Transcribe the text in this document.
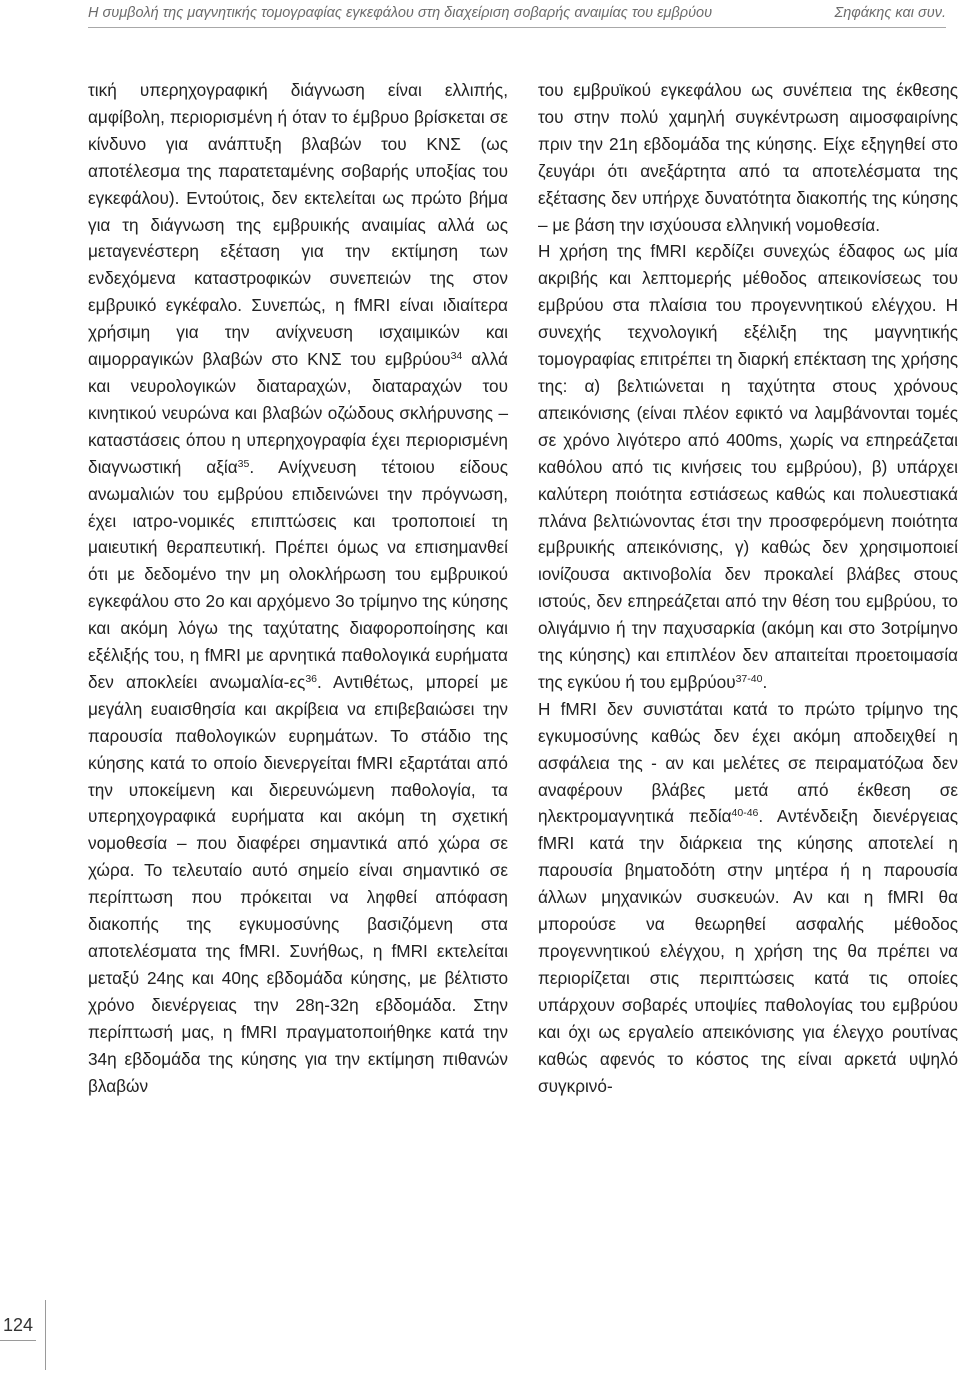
Η συμβολή της μαγνητικής τομογραφίας εγκεφάλου στη διαχείριση σοβαρής αναιμίας του εμβρύου	Σηφάκης και συν.

τική υπερηχογραφική διάγνωση είναι ελλιπής, αμφίβολη, περιορισμένη ή όταν το έμβρυο βρίσκεται σε κίνδυνο για ανάπτυξη βλαβών του ΚΝΣ (ως αποτέλεσμα της παρατεταμένης σοβαρής υποξίας του εγκεφάλου). Εντούτοις, δεν εκτελείται ως πρώτο βήμα για τη διάγνωση της εμβρυικής αναιμίας αλλά ως μεταγενέστερη εξέταση για την εκτίμηση των ενδεχόμενα καταστροφικών συνεπειών της στον εμβρυικό εγκέφαλο. Συνεπώς, η fMRI είναι ιδιαίτερα χρήσιμη για την ανίχνευση ισχαιμικών και αιμορραγικών βλαβών στο ΚΝΣ του εμβρύου$^{34}$ αλλά και νευρολογικών διαταραχών, διαταραχών του κινητικού νευρώνα και βλαβών οζώδους σκλήρυνσης – καταστάσεις όπου η υπερηχογραφία έχει περιορισμένη διαγνωστική αξία$^{35}$. Ανίχνευση τέτοιου είδους ανωμαλιών του εμβρύου επιδεινώνει την πρόγνωση, έχει ιατρο-νομικές επιπτώσεις και τροποποιεί τη μαιευτική θεραπευτική. Πρέπει όμως να επισημανθεί ότι με δεδομένο την μη ολοκλήρωση του εμβρυικού εγκεφάλου στο 2ο και αρχόμενο 3ο τρίμηνο της κύησης και ακόμη λόγω της ταχύτατης διαφοροποίησης και εξέλιξής του, η fMRI με αρνητικά παθολογικά ευρήματα δεν αποκλείει ανωμαλία-$\varepsilon\varsigma^{36}$. Αντιθέτως, μπορεί με μεγάλη ευαισθησία και ακρίβεια να επιβεβαιώσει την παρουσία παθολογικών ευρημάτων. Το στάδιο της κύησης κατά το οποίο διενεργείται fMRI εξαρτάται από την υποκείμενη και διερευνώμενη παθολογία, τα υπερηχογραφικά ευρήματα και ακόμη τη σχετική νομοθεσία – που διαφέρει σημαντικά από χώρα σε χώρα. Το τελευταίο αυτό σημείο είναι σημαντικό σε περίπτωση που πρόκειται να ληφθεί απόφαση διακοπής της εγκυμοσύνης βασιζόμενη στα αποτελέσματα της fMRI. Συνήθως, η fMRI εκτελείται μεταξύ 24ης και 40ης εβδομάδα κύησης, με βέλτιστο χρόνο διενέργειας την 28η-32η εβδομάδα. Στην περίπτωσή μας, η fMRI πραγματοποιήθηκε κατά την 34η εβδομάδα της κύησης για την εκτίμηση πιθανών βλαβών

του εμβρυϊκού εγκεφάλου ως συνέπεια της έκθεσης του στην πολύ χαμηλή συγκέντρωση αιμοσφαιρίνης πριν την 21η εβδομάδα της κύησης. Είχε εξηγηθεί στο ζευγάρι ότι ανεξάρτητα από τα αποτελέσματα της εξέτασης δεν υπήρχε δυνατότητα διακοπής της κύησης – με βάση την ισχύουσα ελληνική νομοθεσία.

Η χρήση της fMRI κερδίζει συνεχώς έδαφος ως μία ακριβής και λεπτομερής μέθοδος απεικονίσεως του εμβρύου στα πλαίσια του προγεννητικού ελέγχου. Η συνεχής τεχνολογική εξέλιξη της μαγνητικής τομογραφίας επιτρέπει τη διαρκή επέκταση της χρήσης της: α) βελτιώνεται η ταχύτητα στους χρόνους απεικόνισης (είναι πλέον εφικτό να λαμβάνονται τομές σε χρόνο λιγότερο από 400ms, χωρίς να επηρεάζεται καθόλου από τις κινήσεις του εμβρύου), β) υπάρχει καλύτερη ποιότητα εστιάσεως καθώς και πολυεστιακά πλάνα βελτιώνοντας έτσι την προσφερόμενη ποιότητα εμβρυικής απεικόνισης, γ) καθώς δεν χρησιμοποιεί ιονίζουσα ακτινοβολία δεν προκαλεί βλάβες στους ιστούς, δεν επηρεάζεται από την θέση του εμβρύου, το ολιγάμνιο ή την παχυσαρκία (ακόμη και στο 3οτρίμηνο της κύησης) και επιπλέον δεν απαιτείται προετοιμασία της εγκύου ή του εμβρύου$^{37-40}$.

Η fMRI δεν συνιστάται κατά το πρώτο τρίμηνο της εγκυμοσύνης καθώς δεν έχει ακόμη αποδειχθεί η ασφάλεια της - αν και μελέτες σε πειραματόζωα δεν αναφέρουν βλάβες μετά από έκθεση σε ηλεκτρομαγνητικά πεδία$^{40-46}$. Αντένδειξη διενέργειας fMRI κατά την διάρκεια της κύησης αποτελεί η παρουσία βηματοδότη στην μητέρα ή η παρουσία άλλων μηχανικών συσκευών. Αν και η fMRI θα μπορούσε να θεωρηθεί ασφαλής μέθοδος προγεννητικού ελέγχου, η χρήση της θα πρέπει να περιορίζεται στις περιπτώσεις κατά τις οποίες υπάρχουν σοβαρές υποψίες παθολογίας του εμβρύου και όχι ως εργαλείο απεικόνισης για έλεγχο ρουτίνας καθώς αφενός το κόστος της είναι αρκετά υψηλό συγκρινό-

124
